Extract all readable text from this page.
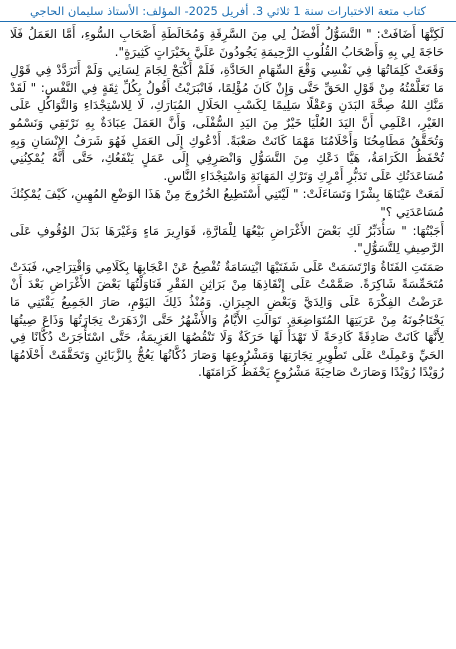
كتاب متعة الاختبارات سنة 1 ثلاثي 3. أفريل 2025- المؤلف: الأستاذ سليمان الحاجي

لَكِنَّهَا أَضَافَتْ: " التَّسَوُّلُ أَفْضَلُ لِي مِنَ السَّرِقَةِ وَمُخَالَطَةِ أَصْحَابِ السُّوءِ، أَمَّا العَمَلُ فَلَا حَاجَةَ لِي بِهِ وَأَصْحَابُ القُلُوبِ الرَّحِيمَةِ يَجُودُونَ عَلَيَّ بِخَيْرَاتٍ كَثِيرَةٍ".

وَقَعَتْ كَلِمَاتُهَا فِي نَفْسِي وَقْعَ السِّهَامِ الحَادَّةِ، فَلَمْ أَكْبَحْ لِجَامَ لِسَانِي وَلَمْ أَتَرَدَّدْ فِي قَوْلِ مَا تَعَلَّمْتُهُ مِنْ قَوْلِ الحَقِّ حَتَّى وَإِنْ كَانَ مُؤْلِمًا، فَانْبَرَيْتُ أَقُولُ بِكُلِّ ثِقَةٍ فِي النَّفْسِ: " لَقَدْ مَنَّكِ اللهُ صِحَّةَ البَدَنِ وَعَقْلًا سَلِيمًا لِكَسْبِ الحَلَالِ المُبَارَكِ، لَا لِلاسْتِجْدَاءِ وَالتَّوَاكُلِ عَلَى الغَيْرِ، اعْلَمِي أَنَّ اليَدَ العُلْيَا خَيْرٌ مِنَ اليَدِ السُّفْلَى، وَأَنَّ العَمَلَ عِبَادَةٌ بِهِ نَرْتَقِي وَنَسْمُو وَتُحَقَّقُ مَطَامِحُنَا وَأَحْلَامُنَا مَهْمَا كَانَتْ صَعْبَةً. أَدْعُوكِ إِلَى العَمَلِ فَهُوَ شَرَفُ الإِنْسَانِ وَبِهِ تُحْفَظُ الكَرَامَةُ، هَيَّا دَعْكِ مِنَ التَّسَوُّلِ وَانْصَرِفِي إِلَى عَمَلٍ يَنْفَعُكِ، حَتَّى أَنَّهُ يُمْكِنُنِي مُسَاعَدَتُكِ عَلَى تَدَبُّرِ أَمْرِكِ وَتَرْكِ المَهَانَةِ وَاسْتِجْدَاءِ النَّاسِ.

لَمَعَتْ عَيْنَاهَا بِشْرًا وَتَسَاءَلَتْ: " لَيْتَنِي أَسْتَطِيعُ الخُرُوجَ مِنْ هَذَا الوَضْعِ المُهِينِ، كَيْفَ يُمْكِنُكَ مُسَاعَدَتِي ؟"

أَجَبْتُهَا: " سَأُدَبِّرُ لَكِ بَعْضَ الأَغْرَاضِ بَيْعُهَا لِلْمَارَّةِ، قَوَارِيرَ مَاءٍ وَغَيْرَهَا بَدَلَ الوُقُوفِ عَلَى الرَّصِيفِ لِلتَّسَوُّلِ".

صَمَتَتِ الفَتَاةُ وَارْتَسَمَتْ عَلَى شَفَتَيْهَا ابْتِسَامَةٌ تُفْصِحُ عَنْ اعْجَابِهَا بِكَلَامِي وَاقْتِرَاحِي، فَبَدَتْ مُتَحَمِّسَةً شَاكِرَةً. صَمَّمْتُ عَلَى إِنْقَاذِهَا مِنْ بَرَاثِنِ الفَقْرِ فَنَاوَلْتُهَا بَعْضَ الأَغْرَاضِ بَعْدَ أَنْ عَرَضْتُ الفِكْرَةَ عَلَى وَالِدَيَّ وَبَعْضِ الجِيرَانِ. وَمُنْذُ ذَلِكَ اليَوْمِ، صَارَ الجَمِيعُ يَقْتَنِي مَا يَحْتَاجُونَهُ مِنْ عَرَبَتِهَا المُتَوَاضِعَةِ. تَوَالَتِ الأَيَّامُ وَالأَشْهُرُ حَتَّى ازْدَهَرَتْ تِجَارَتُهَا وَذَاعَ صِيتُهَا لِأَنَّهَا كَانَتْ صَادِقَةً كَادِحَةً لَا تَهْدَأُ لَهَا حَرَكَةٌ وَلَا تَنْقُصُهَا العَزِيمَةُ، حَتَّى اسْتَأْجَرَتْ دُكَّانًا فِي الحَيِّ وَعَمِلَتْ عَلَى تَطْوِيرِ تِجَارَتِهَا وَمَشْرُوعِهَا وَصَارَ دُكَّانُهَا يَعُجُّ بِالزَّبَائِنِ وَتَحَقَّقَتْ أَحْلَامُهَا رُوَيْدًا رُوَيْدًا وَصَارَتْ صَاحِبَةَ مَشْرُوعٍ يَحْفَظُ كَرَامَتَهَا.
